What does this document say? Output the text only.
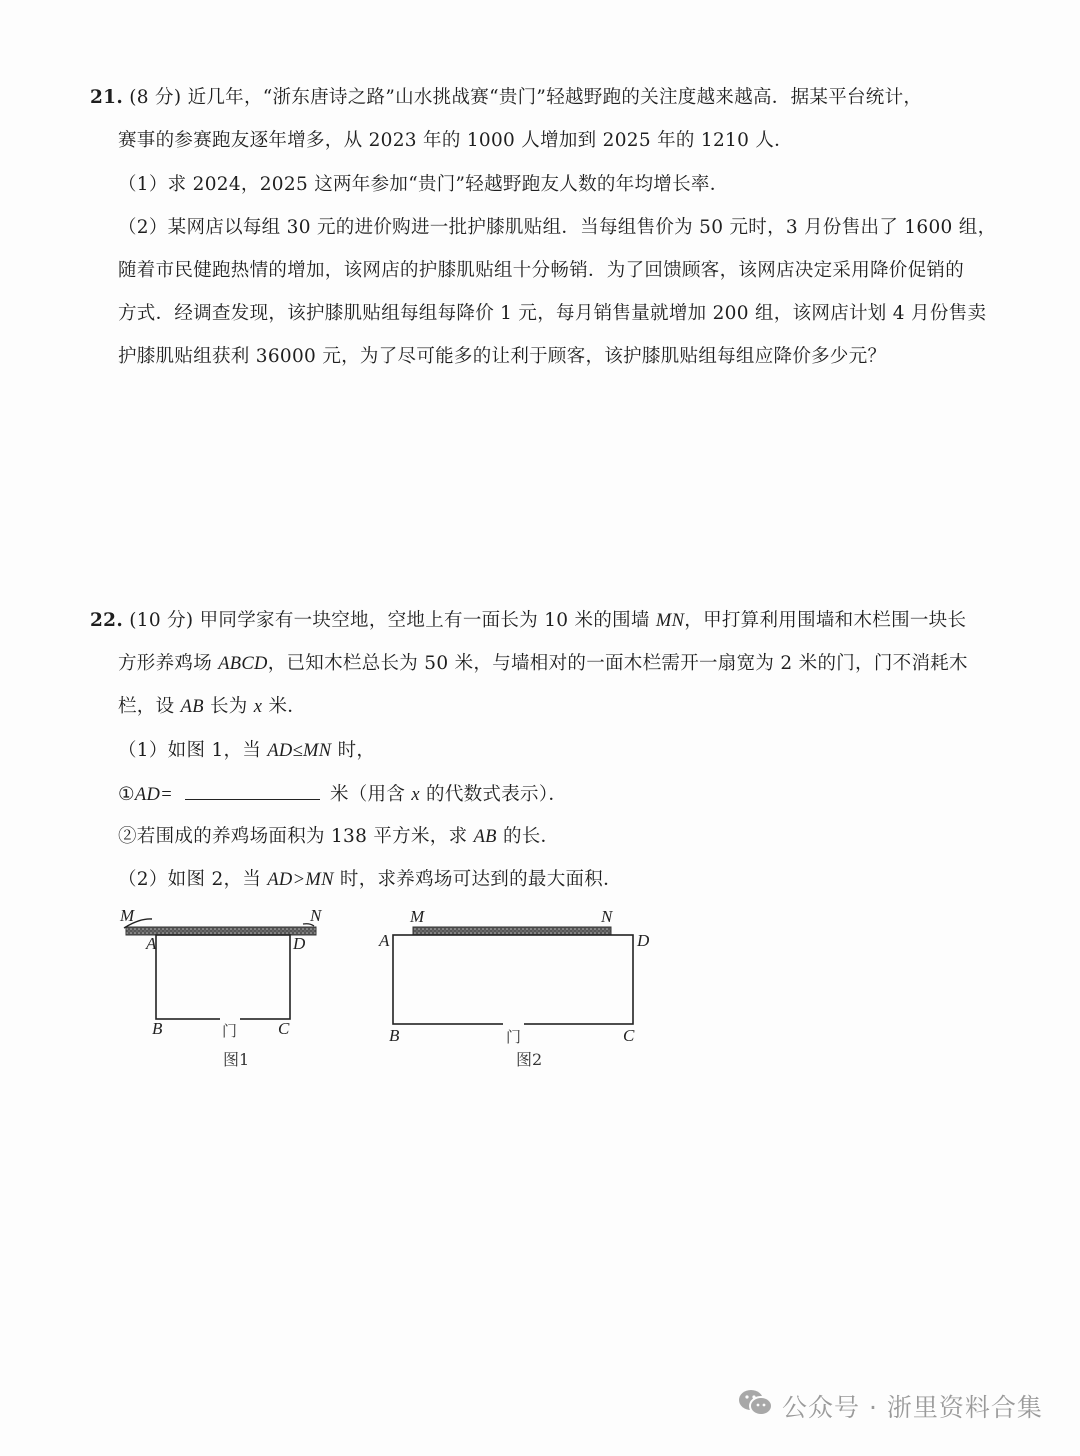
21. (8 分) 近几年，“浙东唐诗之路”山水挑战赛“贵门”轻越野跑的关注度越来越高．据某平台统计，
赛事的参赛跑友逐年增多，从 2023 年的 1000 人增加到 2025 年的 1210 人．
（1）求 2024，2025 这两年参加“贵门”轻越野跑友人数的年均增长率．
（2）某网店以每组 30 元的进价购进一批护膝肌贴组．当每组售价为 50 元时，3 月份售出了 1600 组，
随着市民健跑热情的增加，该网店的护膝肌贴组十分畅销．为了回馈顾客，该网店决定采用降价促销的
方式．经调查发现，该护膝肌贴组每组每降价 1 元，每月销售量就增加 200 组，该网店计划 4 月份售卖
护膝肌贴组获利 36000 元，为了尽可能多的让利于顾客，该护膝肌贴组每组应降价多少元？
22. (10 分) 甲同学家有一块空地，空地上有一面长为 10 米的围墙 MN，甲打算利用围墙和木栏围一块长
方形养鸡场 ABCD，已知木栏总长为 50 米，与墙相对的一面木栏需开一扇宽为 2 米的门，门不消耗木
栏，设 AB 长为 x 米．
（1）如图 1，当 AD≤MN 时，
①AD=	米（用含 x 的代数式表示）．
②若围成的养鸡场面积为 138 平方米，求 AB 的长．
（2）如图 2，当 AD>MN 时，求养鸡场可达到的最大面积．
M	N
A	D
B	C
门
图1
M	N
A	D
B	C
门
图2
公众号 · 浙里资料合集
